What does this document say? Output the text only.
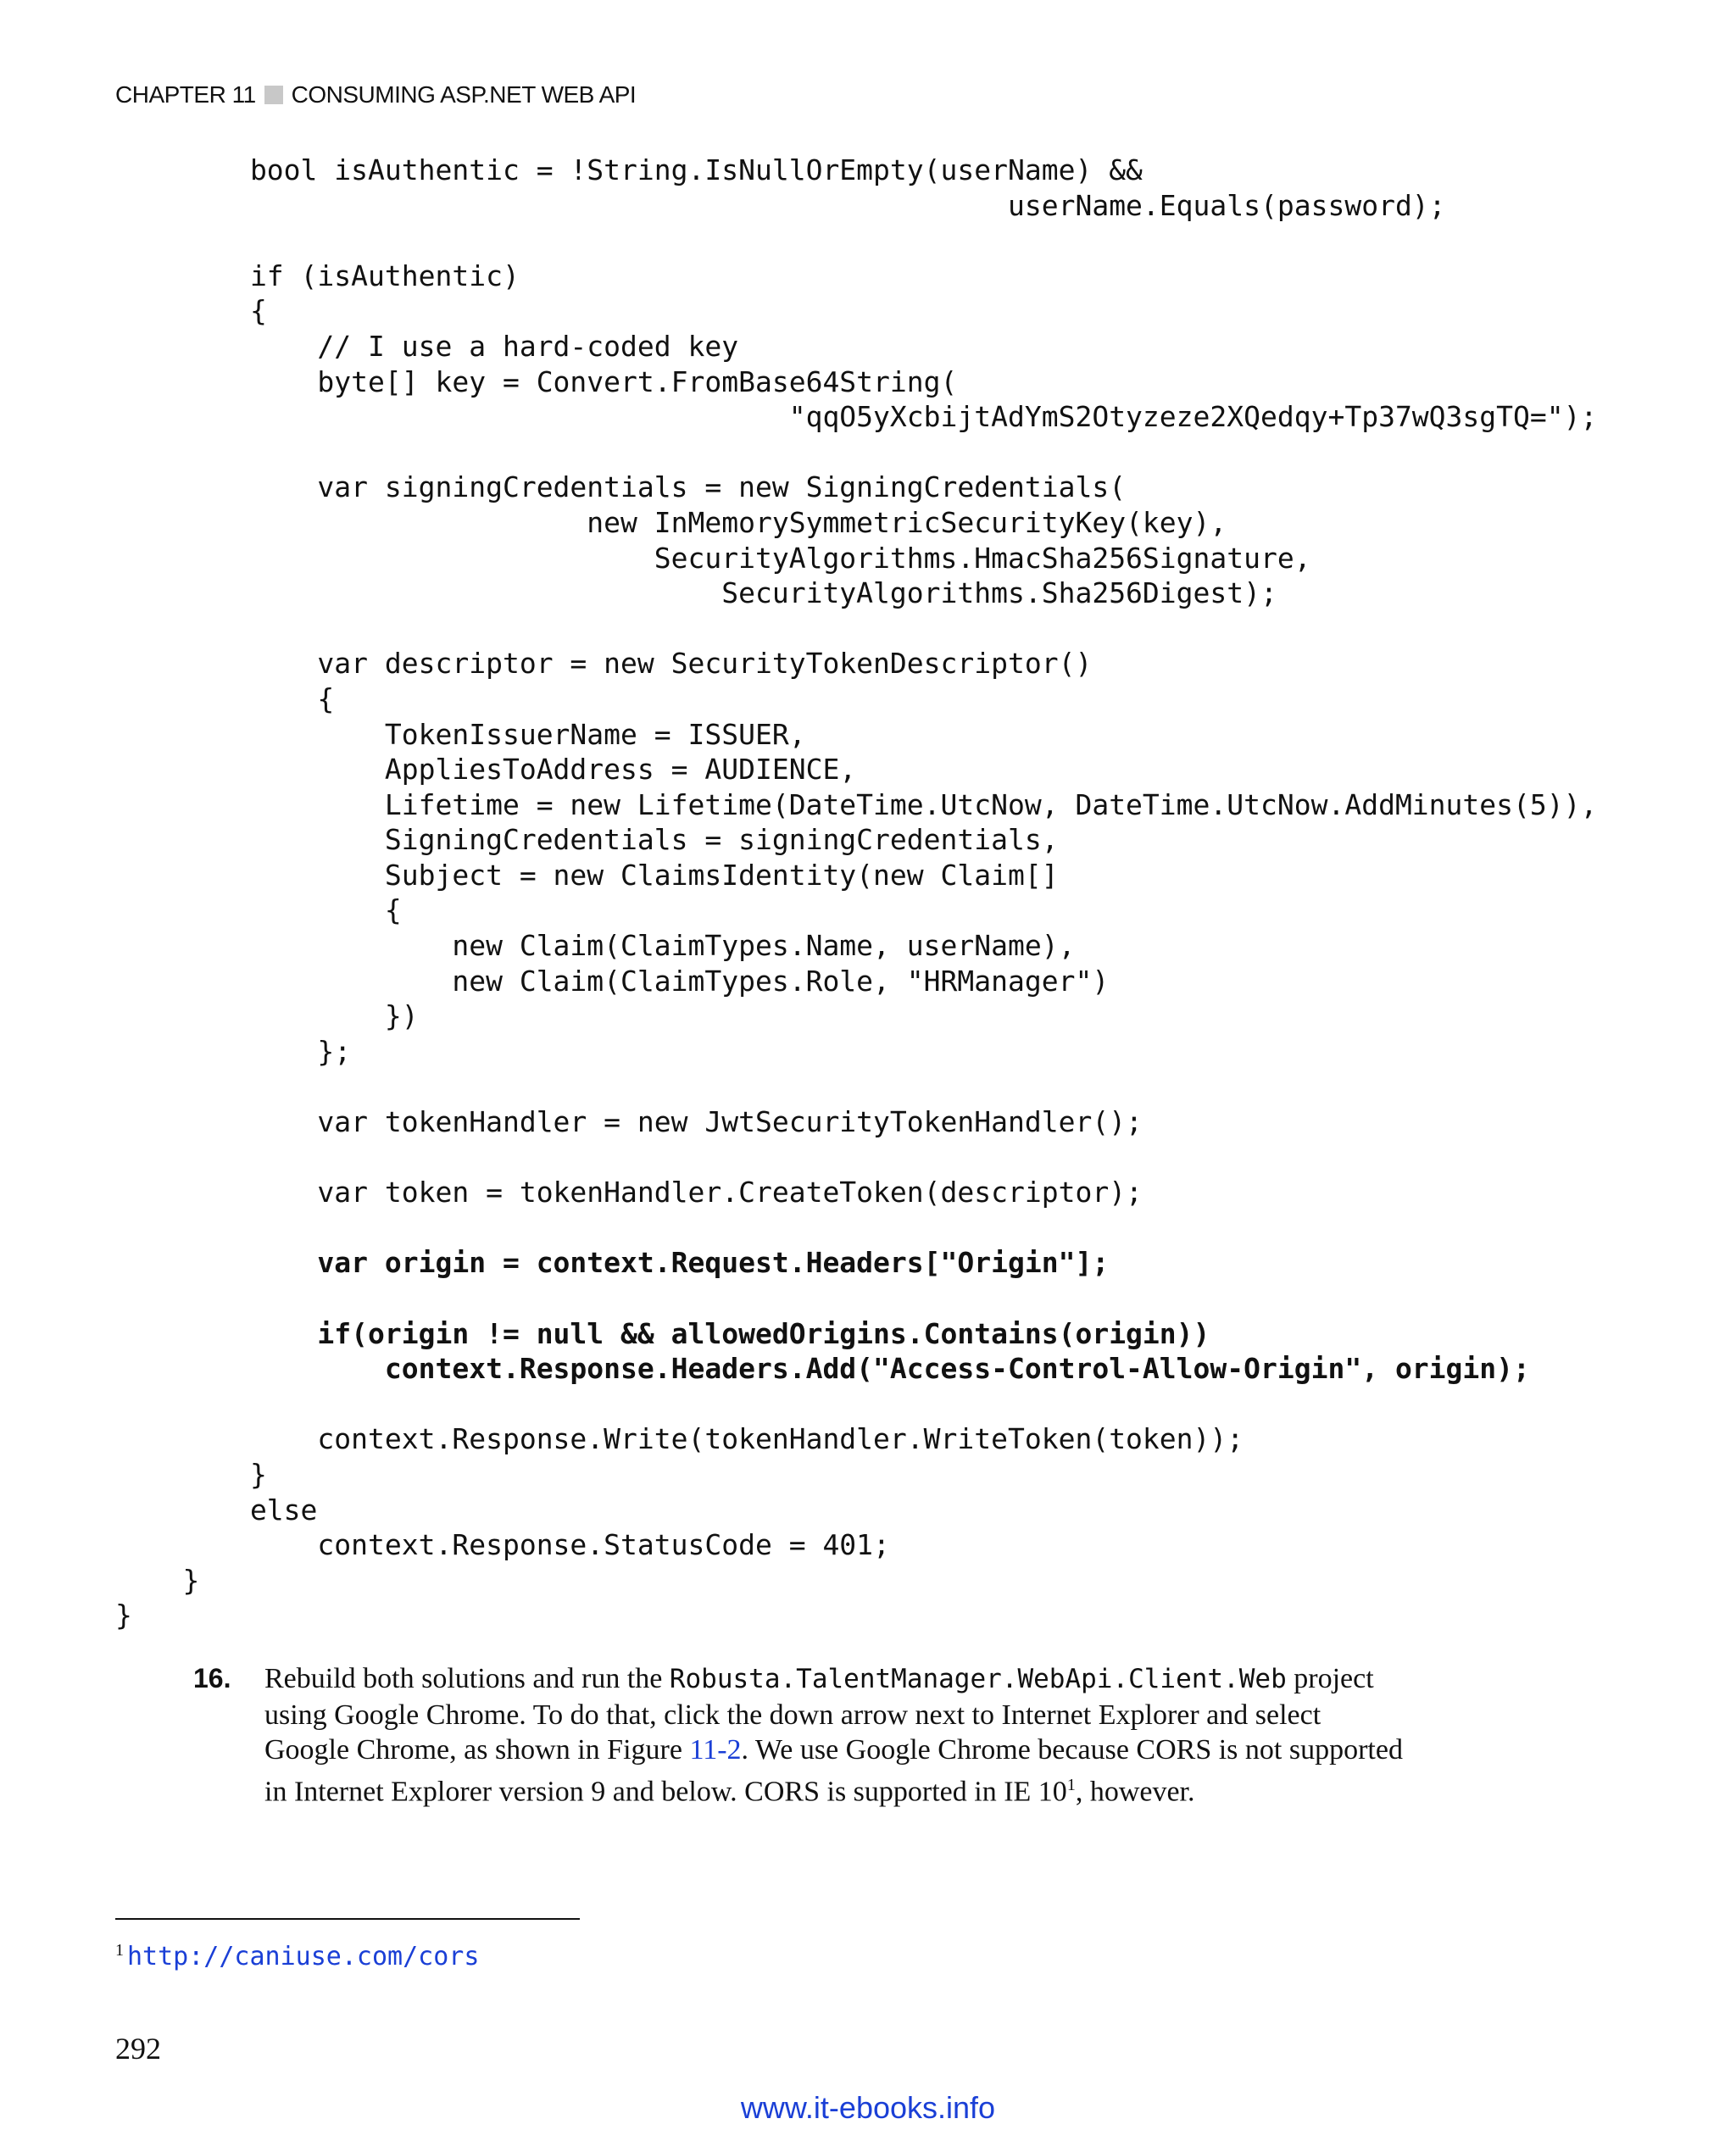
CHAPTER 11 CONSUMING ASP.NET WEB API
bool isAuthentic = !String.IsNullOrEmpty(userName) &&
userName.Equals(password);
if (isAuthentic)
{
// I use a hard-coded key
byte[] key = Convert.FromBase64String(
"qqO5yXcbijtAdYmS2Otyzeze2XQedqy+Tp37wQ3sgTQ=");
var signingCredentials = new SigningCredentials(
new InMemorySymmetricSecurityKey(key),
SecurityAlgorithms.HmacSha256Signature,
SecurityAlgorithms.Sha256Digest);
var descriptor = new SecurityTokenDescriptor()
{
TokenIssuerName = ISSUER,
AppliesToAddress = AUDIENCE,
Lifetime = new Lifetime(DateTime.UtcNow, DateTime.UtcNow.AddMinutes(5)),
SigningCredentials = signingCredentials,
Subject = new ClaimsIdentity(new Claim[]
{
new Claim(ClaimTypes.Name, userName),
new Claim(ClaimTypes.Role, "HRManager")
})
};
var tokenHandler = new JwtSecurityTokenHandler();
var token = tokenHandler.CreateToken(descriptor);
var origin = context.Request.Headers["Origin"];
if(origin != null && allowedOrigins.Contains(origin))
context.Response.Headers.Add("Access-Control-Allow-Origin", origin);
context.Response.Write(tokenHandler.WriteToken(token));
}
else
context.Response.StatusCode = 401;
}
}
16. Rebuild both solutions and run the Robusta.TalentManager.WebApi.Client.Web project using Google Chrome. To do that, click the down arrow next to Internet Explorer and select Google Chrome, as shown in Figure 11-2. We use Google Chrome because CORS is not supported in Internet Explorer version 9 and below. CORS is supported in IE $10^1$, however.
$^1$ http://caniuse.com/cors
292
www.it-ebooks.info
